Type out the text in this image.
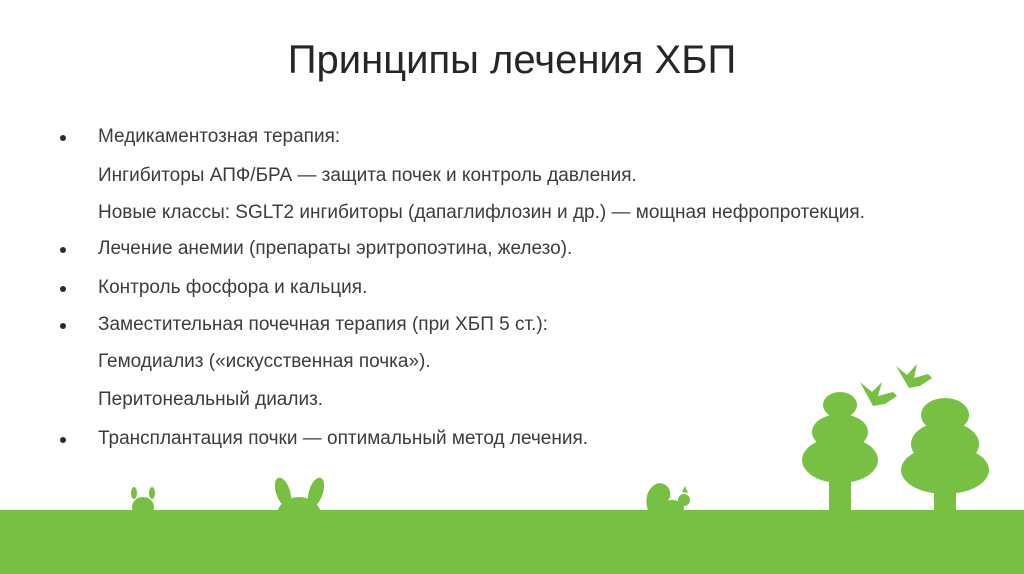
Принципы лечения ХБП
Медикаментозная терапия:
Ингибиторы АПФ/БРА — защита почек и контроль давления.
Новые классы: SGLT2 ингибиторы (дапаглифлозин и др.) — мощная нефропротекция.
Лечение анемии (препараты эритропоэтина, железо).
Контроль фосфора и кальция.
Заместительная почечная терапия (при ХБП 5 ст.):
Гемодиализ («искусственная почка»).
Перитонеальный диализ.
Трансплантация почки — оптимальный метод лечения.
